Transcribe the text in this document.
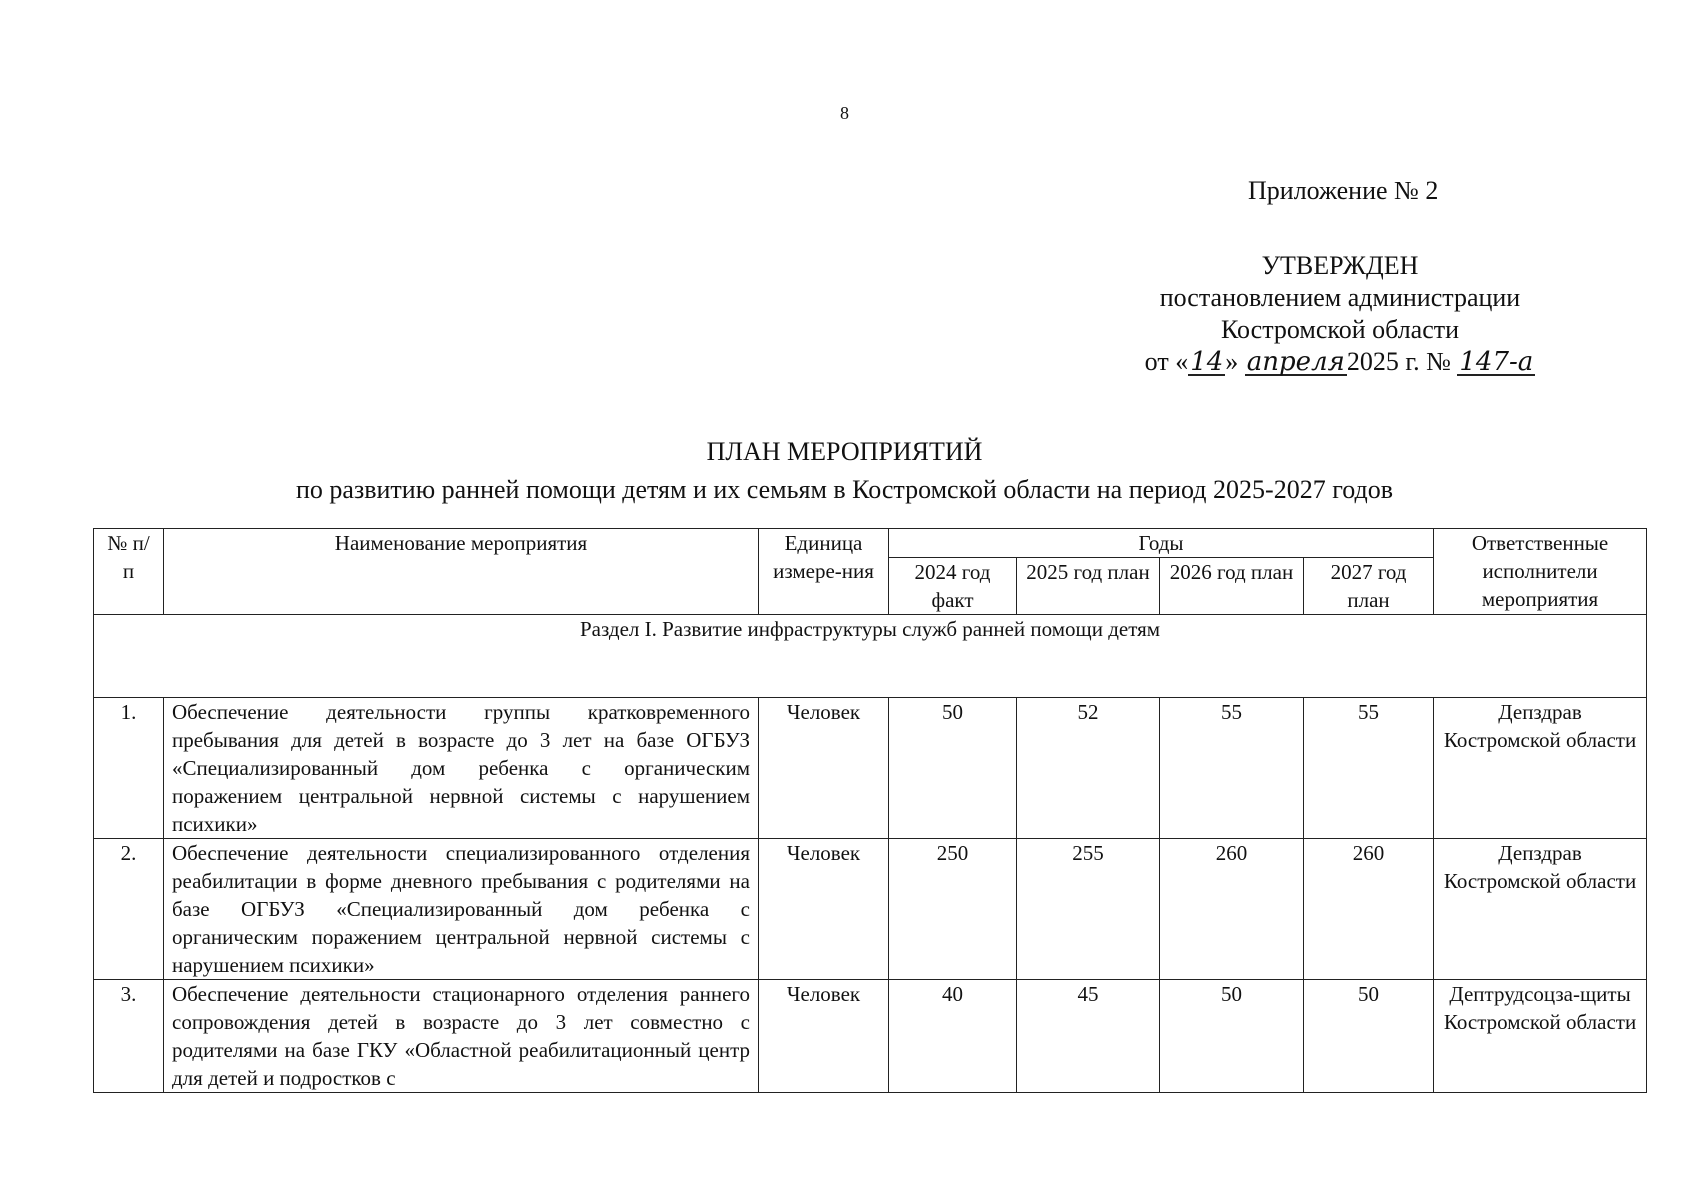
8
Приложение № 2
УТВЕРЖДЕН
постановлением администрации
Костромской области
от «14» апреля2025 г. № 147-а
ПЛАН МЕРОПРИЯТИЙ
по развитию ранней помощи детям и их семьям в Костромской области на период 2025-2027 годов
№ п/п	Наименование мероприятия	Единица измере-ния	Годы				Ответственные исполнители мероприятия
			2024 год факт	2025 год план	2026 год план	2027 год план	
Раздел I. Развитие инфраструктуры служб ранней помощи детям							
1.	Обеспечение деятельности группы кратковременного пребывания для детей в возрасте до 3 лет на базе ОГБУЗ «Специализированный дом ребенка с органическим поражением центральной нервной системы с нарушением психики»	Человек	50	52	55	55	Депздрав Костромской области
2.	Обеспечение деятельности специализированного отделения реабилитации в форме дневного пребывания с родителями на базе ОГБУЗ «Специализированный дом ребенка с органическим поражением центральной нервной системы с нарушением психики»	Человек	250	255	260	260	Депздрав Костромской области
3.	Обеспечение деятельности стационарного отделения раннего сопровождения детей в возрасте до 3 лет совместно с родителями на базе ГКУ «Областной реабилитационный центр для детей и подростков с	Человек	40	45	50	50	Дептрудсоцза-щиты Костромской области
